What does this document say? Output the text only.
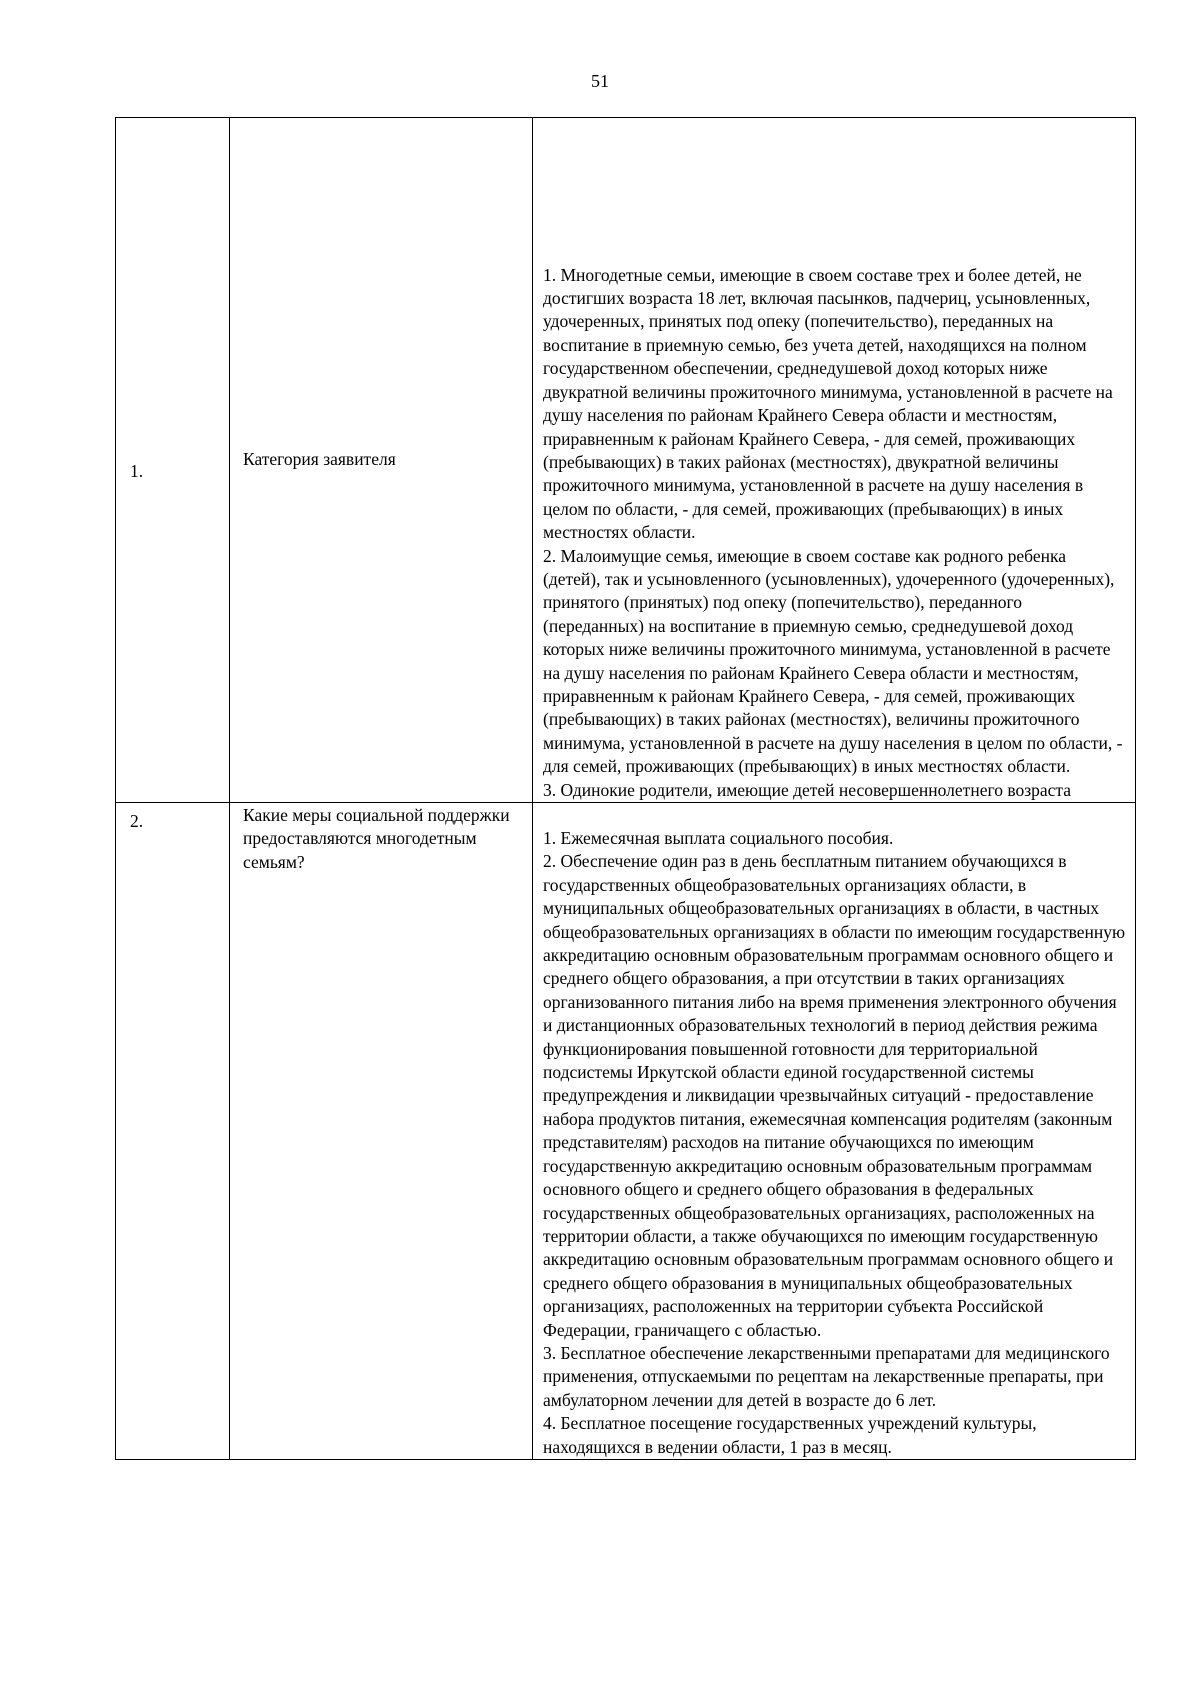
51
1.	Категория заявителя	1. Многодетные семьи, имеющие в своем составе трех и более детей, не достигших возраста 18 лет, включая пасынков, падчериц, усыновленных, удочеренных, принятых под опеку (попечительство), переданных на воспитание в приемную семью, без учета детей, находящихся на полном государственном обеспечении, среднедушевой доход которых ниже двукратной величины прожиточного минимума, установленной в расчете на душу населения по районам Крайнего Севера области и местностям, приравненным к районам Крайнего Севера, - для семей, проживающих (пребывающих) в таких районах (местностях), двукратной величины прожиточного минимума, установленной в расчете на душу населения в целом по области, - для семей, проживающих (пребывающих) в иных местностях области.
2. Малоимущие семья, имеющие в своем составе как родного ребенка (детей), так и усыновленного (усыновленных), удочеренного (удочеренных), принятого (принятых) под опеку (попечительство), переданного (переданных) на воспитание в приемную семью, среднедушевой доход которых ниже величины прожиточного минимума, установленной в расчете на душу населения по районам Крайнего Севера области и местностям, приравненным к районам Крайнего Севера, - для семей, проживающих (пребывающих) в таких районах (местностях), величины прожиточного минимума, установленной в расчете на душу населения в целом по области, - для семей, проживающих (пребывающих) в иных местностях области.
3. Одинокие родители, имеющие детей несовершеннолетнего возраста

2.	Какие меры социальной поддержки предоставляются многодетным семьям?	1. Ежемесячная выплата социального пособия.
2. Обеспечение один раз в день бесплатным питанием обучающихся в государственных общеобразовательных организациях области, в муниципальных общеобразовательных организациях в области, в частных общеобразовательных организациях в области по имеющим государственную аккредитацию основным образовательным программам основного общего и среднего общего образования, а при отсутствии в таких организациях организованного питания либо на время применения электронного обучения и дистанционных образовательных технологий в период действия режима функционирования повышенной готовности для территориальной подсистемы Иркутской области единой государственной системы предупреждения и ликвидации чрезвычайных ситуаций - предоставление набора продуктов питания, ежемесячная компенсация родителям (законным представителям) расходов на питание обучающихся по имеющим государственную аккредитацию основным образовательным программам основного общего и среднего общего образования в федеральных государственных общеобразовательных организациях, расположенных на территории области, а также обучающихся по имеющим государственную аккредитацию основным образовательным программам основного общего и среднего общего образования в муниципальных общеобразовательных организациях, расположенных на территории субъекта Российской Федерации, граничащего с областью.
3. Бесплатное обеспечение лекарственными препаратами для медицинского применения, отпускаемыми по рецептам на лекарственные препараты, при амбулаторном лечении для детей в возрасте до 6 лет.
4. Бесплатное посещение государственных учреждений культуры, находящихся в ведении области, 1 раз в месяц.
